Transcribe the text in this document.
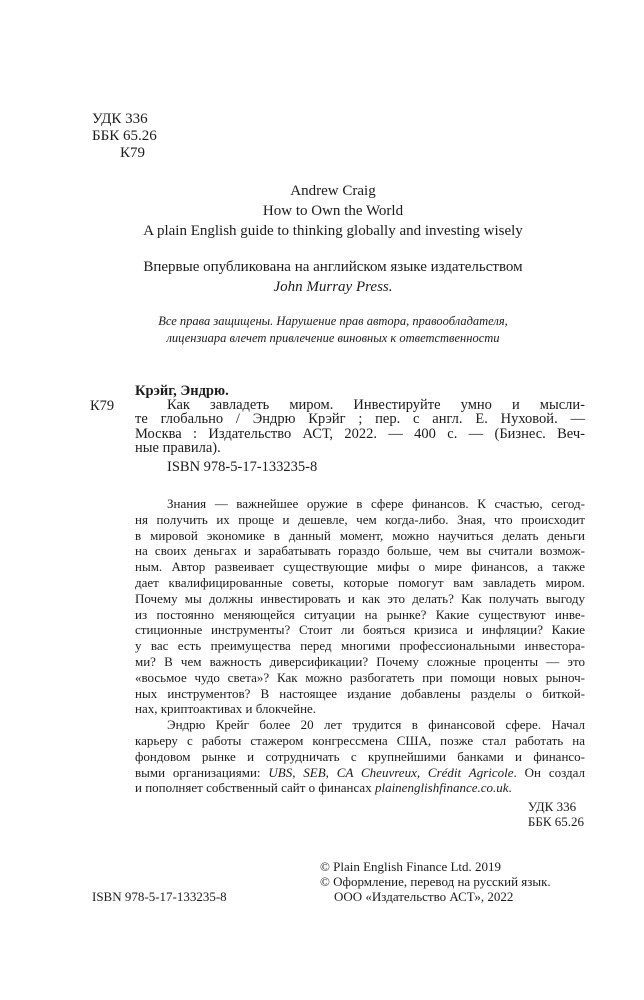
УДК 336
ББК 65.26
К79
Andrew Craig
How to Own the World
A plain English guide to thinking globally and investing wisely
Впервые опубликована на английском языке издательством
John Murray Press.
Все права защищены. Нарушение прав автора, правообладателя,
лицензиара влечет привлечение виновных к ответственности
Крэйг, Эндрю.
К79	Как завладеть миром. Инвестируйте умно и мысли-
те глобально / Эндрю Крэйг ; пер. с англ. Е. Нуховой. —
Москва : Издательство АСТ, 2022. — 400 с. — (Бизнес. Веч-
ные правила).
ISBN 978-5-17-133235-8
Знания — важнейшее оружие в сфере финансов. К счастью, сегод-
ня получить их проще и дешевле, чем когда-либо. Зная, что происходит
в мировой экономике в данный момент, можно научиться делать деньги
на своих деньгах и зарабатывать гораздо больше, чем вы считали возмож-
ным. Автор развеивает существующие мифы о мире финансов, а также
дает квалифицированные советы, которые помогут вам завладеть миром.
Почему мы должны инвестировать и как это делать? Как получать выгоду
из постоянно меняющейся ситуации на рынке? Какие существуют инве-
стиционные инструменты? Стоит ли бояться кризиса и инфляции? Какие
у вас есть преимущества перед многими профессиональными инвестора-
ми? В чем важность диверсификации? Почему сложные проценты — это
«восьмое чудо света»? Как можно разбогатеть при помощи новых рыноч-
ных инструментов? В настоящее издание добавлены разделы о биткой-
нах, криптоактивах и блокчейне.
Эндрю Крейг более 20 лет трудится в финансовой сфере. Начал
карьеру с работы стажером конгрессмена США, позже стал работать на
фондовом рынке и сотрудничать с крупнейшими банками и финансо-
выми организациями: UBS, SEB, CA Cheuvreux, Crédit Agricole. Он создал
и пополняет собственный сайт о финансах plainenglishfinance.co.uk.
УДК 336
ББК 65.26
© Plain English Finance Ltd. 2019
© Оформление, перевод на русский язык.
ООО «Издательство АСТ», 2022
ISBN 978-5-17-133235-8
